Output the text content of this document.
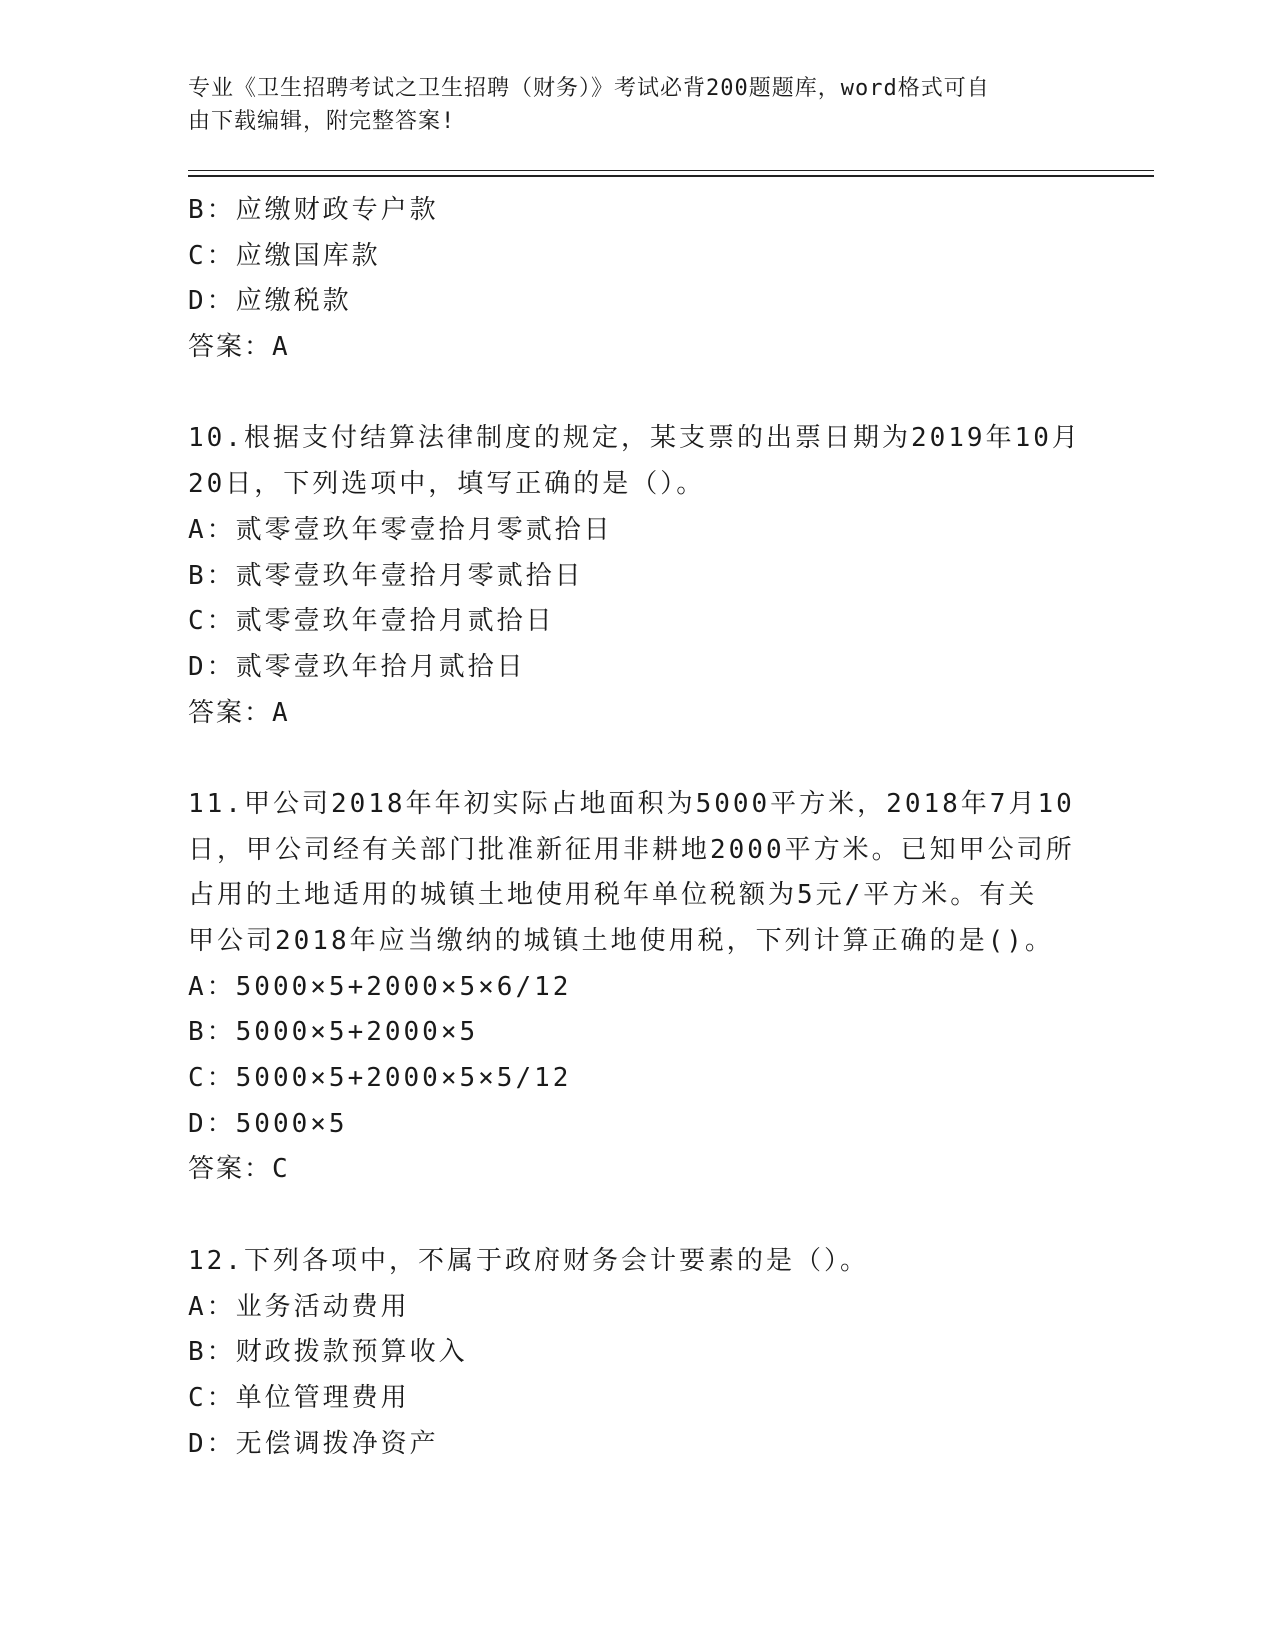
专业《卫生招聘考试之卫生招聘（财务）》考试必背200题题库，word格式可自
由下载编辑，附完整答案!
B：应缴财政专户款
C：应缴国库款
D：应缴税款
答案：A
10.根据支付结算法律制度的规定，某支票的出票日期为2019年10月
20日，下列选项中，填写正确的是（）。
A：贰零壹玖年零壹拾月零贰拾日
B：贰零壹玖年壹拾月零贰拾日
C：贰零壹玖年壹拾月贰拾日
D：贰零壹玖年拾月贰拾日
答案：A
11.甲公司2018年年初实际占地面积为5000平方米，2018年7月10
日，甲公司经有关部门批准新征用非耕地2000平方米。已知甲公司所
占用的土地适用的城镇土地使用税年单位税额为5元/平方米。有关
甲公司2018年应当缴纳的城镇土地使用税，下列计算正确的是()。
A：5000×5+2000×5×6/12
B：5000×5+2000×5
C：5000×5+2000×5×5/12
D：5000×5
答案：C
12.下列各项中，不属于政府财务会计要素的是（）。
A：业务活动费用
B：财政拨款预算收入
C：单位管理费用
D：无偿调拨净资产
